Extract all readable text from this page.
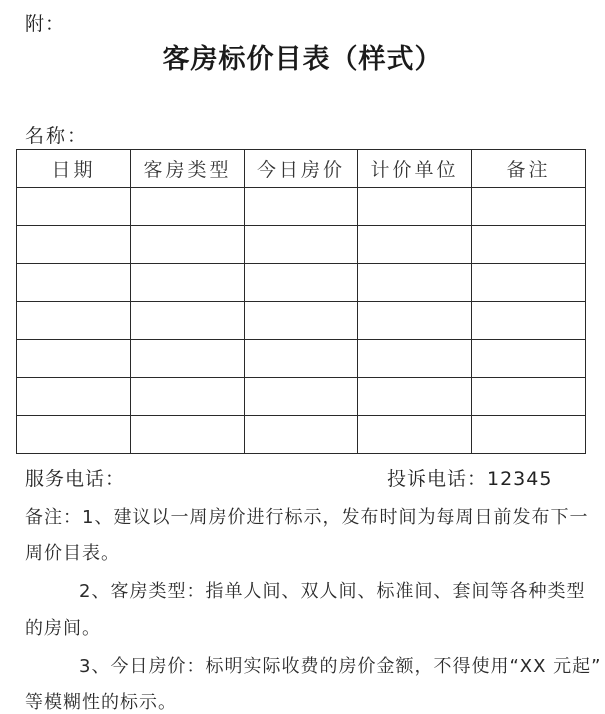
附：
客房标价目表（样式）
名称：
日期	客房类型	今日房价	计价单位	备注

服务电话：	投诉电话：12345
备注：1、建议以一周房价进行标示，发布时间为每周日前发布下一
周价目表。
2、客房类型：指单人间、双人间、标准间、套间等各种类型
的房间。
3、今日房价：标明实际收费的房价金额，不得使用“XX 元起”
等模糊性的标示。
